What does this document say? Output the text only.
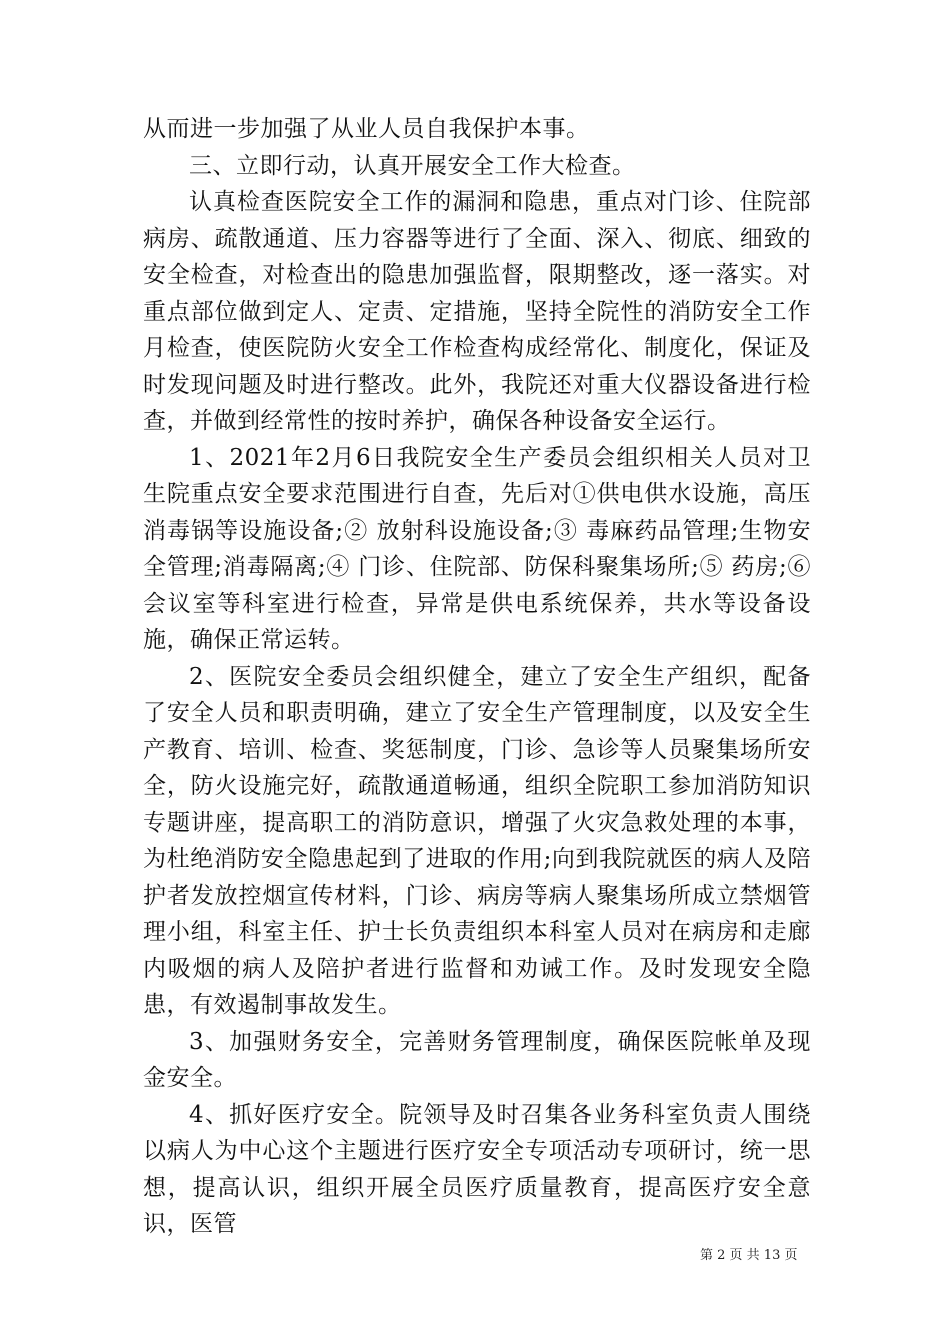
从而进一步加强了从业人员自我保护本事。

三、立即行动，认真开展安全工作大检查。

认真检查医院安全工作的漏洞和隐患，重点对门诊、住院部病房、疏散通道、压力容器等进行了全面、深入、彻底、细致的安全检查，对检查出的隐患加强监督，限期整改，逐一落实。对重点部位做到定人、定责、定措施，坚持全院性的消防安全工作月检查，使医院防火安全工作检查构成经常化、制度化，保证及时发现问题及时进行整改。此外，我院还对重大仪器设备进行检查，并做到经常性的按时养护，确保各种设备安全运行。

1、2021年2月6日我院安全生产委员会组织相关人员对卫生院重点安全要求范围进行自查，先后对①供电供水设施，高压消毒锅等设施设备;② 放射科设施设备;③ 毒麻药品管理;生物安全管理;消毒隔离;④ 门诊、住院部、防保科聚集场所;⑤ 药房;⑥ 会议室等科室进行检查，异常是供电系统保养，共水等设备设施，确保正常运转。

2、医院安全委员会组织健全，建立了安全生产组织，配备了安全人员和职责明确，建立了安全生产管理制度，以及安全生产教育、培训、检查、奖惩制度，门诊、急诊等人员聚集场所安全，防火设施完好，疏散通道畅通，组织全院职工参加消防知识专题讲座，提高职工的消防意识，增强了火灾急救处理的本事，为杜绝消防安全隐患起到了进取的作用;向到我院就医的病人及陪护者发放控烟宣传材料，门诊、病房等病人聚集场所成立禁烟管理小组，科室主任、护士长负责组织本科室人员对在病房和走廊内吸烟的病人及陪护者进行监督和劝诫工作。及时发现安全隐患，有效遏制事故发生。

3、加强财务安全，完善财务管理制度，确保医院帐单及现金安全。

4、抓好医疗安全。院领导及时召集各业务科室负责人围绕以病人为中心这个主题进行医疗安全专项活动专项研讨，统一思想，提高认识，组织开展全员医疗质量教育，提高医疗安全意识，医管

第 2 页 共 13 页
